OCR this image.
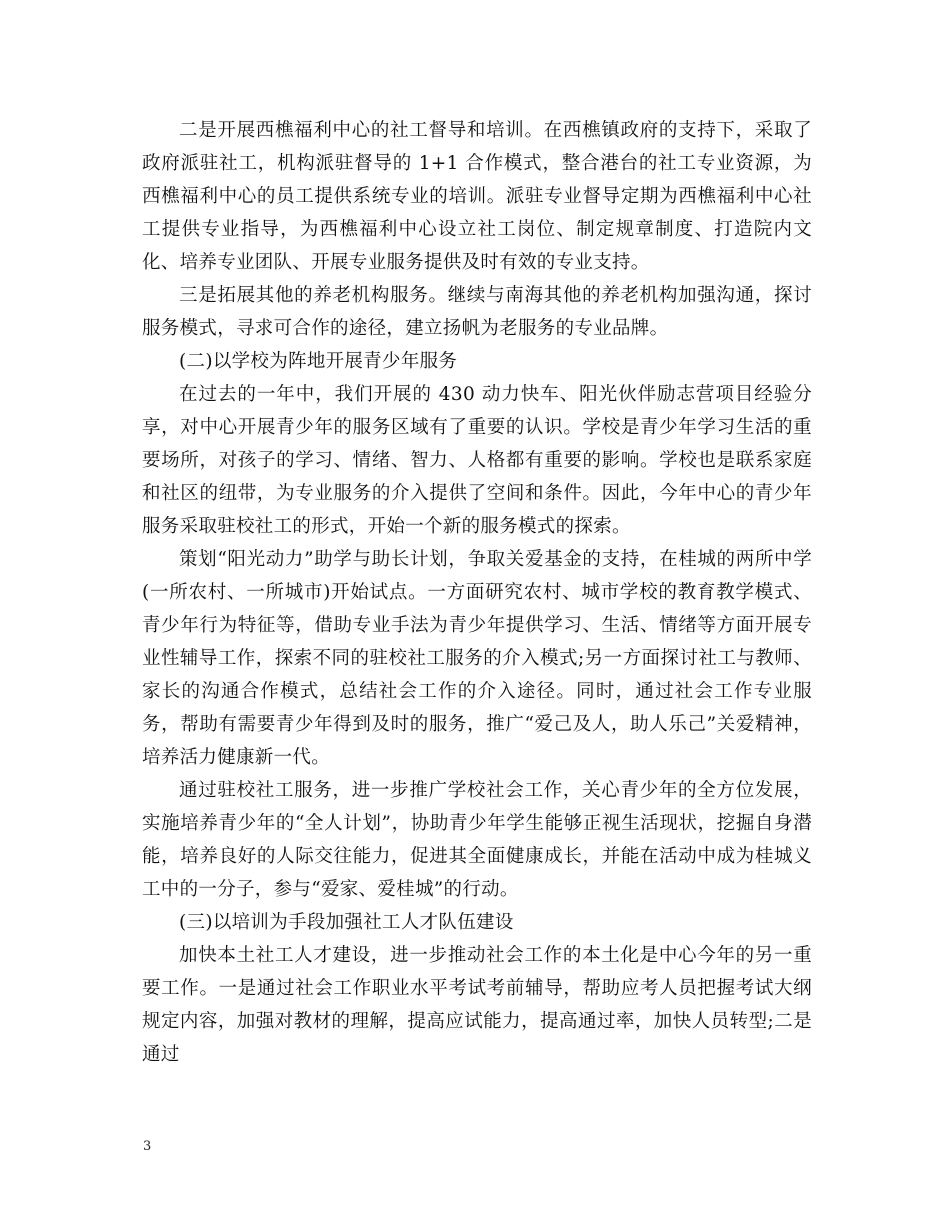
二是开展西樵福利中心的社工督导和培训。在西樵镇政府的支持下，采取了政府派驻社工，机构派驻督导的 1+1 合作模式，整合港台的社工专业资源，为西樵福利中心的员工提供系统专业的培训。派驻专业督导定期为西樵福利中心社工提供专业指导，为西樵福利中心设立社工岗位、制定规章制度、打造院内文化、培养专业团队、开展专业服务提供及时有效的专业支持。

三是拓展其他的养老机构服务。继续与南海其他的养老机构加强沟通，探讨服务模式，寻求可合作的途径，建立扬帆为老服务的专业品牌。

(二)以学校为阵地开展青少年服务

在过去的一年中，我们开展的 430 动力快车、阳光伙伴励志营项目经验分享，对中心开展青少年的服务区域有了重要的认识。学校是青少年学习生活的重要场所，对孩子的学习、情绪、智力、人格都有重要的影响。学校也是联系家庭和社区的纽带，为专业服务的介入提供了空间和条件。因此，今年中心的青少年服务采取驻校社工的形式，开始一个新的服务模式的探索。

策划“阳光动力”助学与助长计划，争取关爱基金的支持，在桂城的两所中学(一所农村、一所城市)开始试点。一方面研究农村、城市学校的教育教学模式、青少年行为特征等，借助专业手法为青少年提供学习、生活、情绪等方面开展专业性辅导工作，探索不同的驻校社工服务的介入模式;另一方面探讨社工与教师、家长的沟通合作模式，总结社会工作的介入途径。同时，通过社会工作专业服务，帮助有需要青少年得到及时的服务，推广“爱己及人，助人乐己”关爱精神，培养活力健康新一代。

通过驻校社工服务，进一步推广学校社会工作，关心青少年的全方位发展，实施培养青少年的“全人计划”，协助青少年学生能够正视生活现状，挖掘自身潜能，培养良好的人际交往能力，促进其全面健康成长，并能在活动中成为桂城义工中的一分子，参与“爱家、爱桂城”的行动。

(三)以培训为手段加强社工人才队伍建设

加快本土社工人才建设，进一步推动社会工作的本土化是中心今年的另一重要工作。一是通过社会工作职业水平考试考前辅导，帮助应考人员把握考试大纲规定内容，加强对教材的理解，提高应试能力，提高通过率，加快人员转型;二是通过

3
